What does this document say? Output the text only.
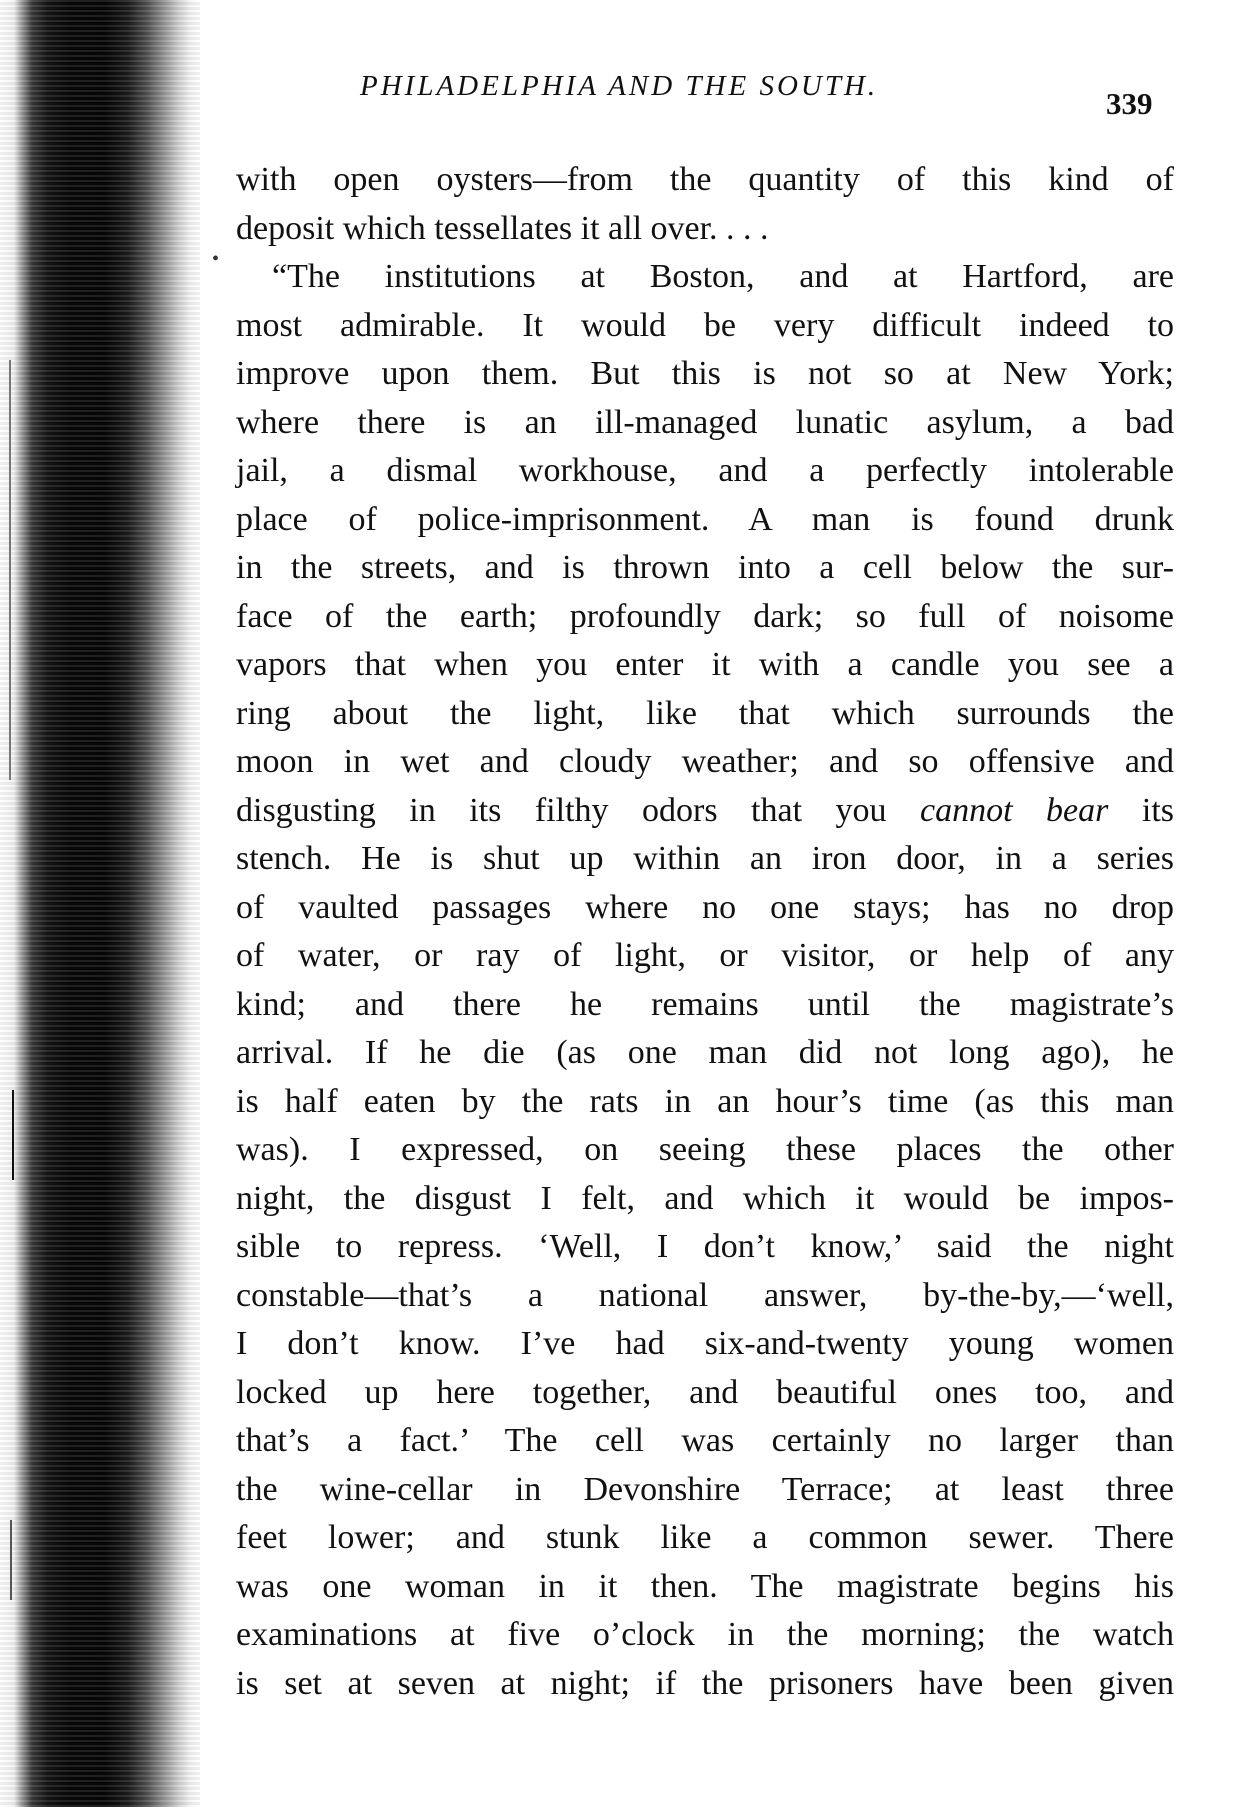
PHILADELPHIA AND THE SOUTH.	339
•
with open oysters—from the quantity of this kind of
deposit which tessellates it all over. . . .
“The institutions at Boston, and at Hartford, are
most admirable. It would be very difficult indeed to
improve upon them. But this is not so at New York;
where there is an ill-managed lunatic asylum, a bad
jail, a dismal workhouse, and a perfectly intolerable
place of police-imprisonment. A man is found drunk
in the streets, and is thrown into a cell below the sur-
face of the earth; profoundly dark; so full of noisome
vapors that when you enter it with a candle you see a
ring about the light, like that which surrounds the
moon in wet and cloudy weather; and so offensive and
disgusting in its filthy odors that you cannot bear its
stench. He is shut up within an iron door, in a series
of vaulted passages where no one stays; has no drop
of water, or ray of light, or visitor, or help of any
kind; and there he remains until the magistrate’s
arrival. If he die (as one man did not long ago), he
is half eaten by the rats in an hour’s time (as this man
was). I expressed, on seeing these places the other
night, the disgust I felt, and which it would be impos-
sible to repress. ‘Well, I don’t know,’ said the night
constable—that’s a national answer, by-the-by,—‘well,
I don’t know. I’ve had six-and-twenty young women
locked up here together, and beautiful ones too, and
that’s a fact.’ The cell was certainly no larger than
the wine-cellar in Devonshire Terrace; at least three
feet lower; and stunk like a common sewer. There
was one woman in it then. The magistrate begins his
examinations at five o’clock in the morning; the watch
is set at seven at night; if the prisoners have been given
